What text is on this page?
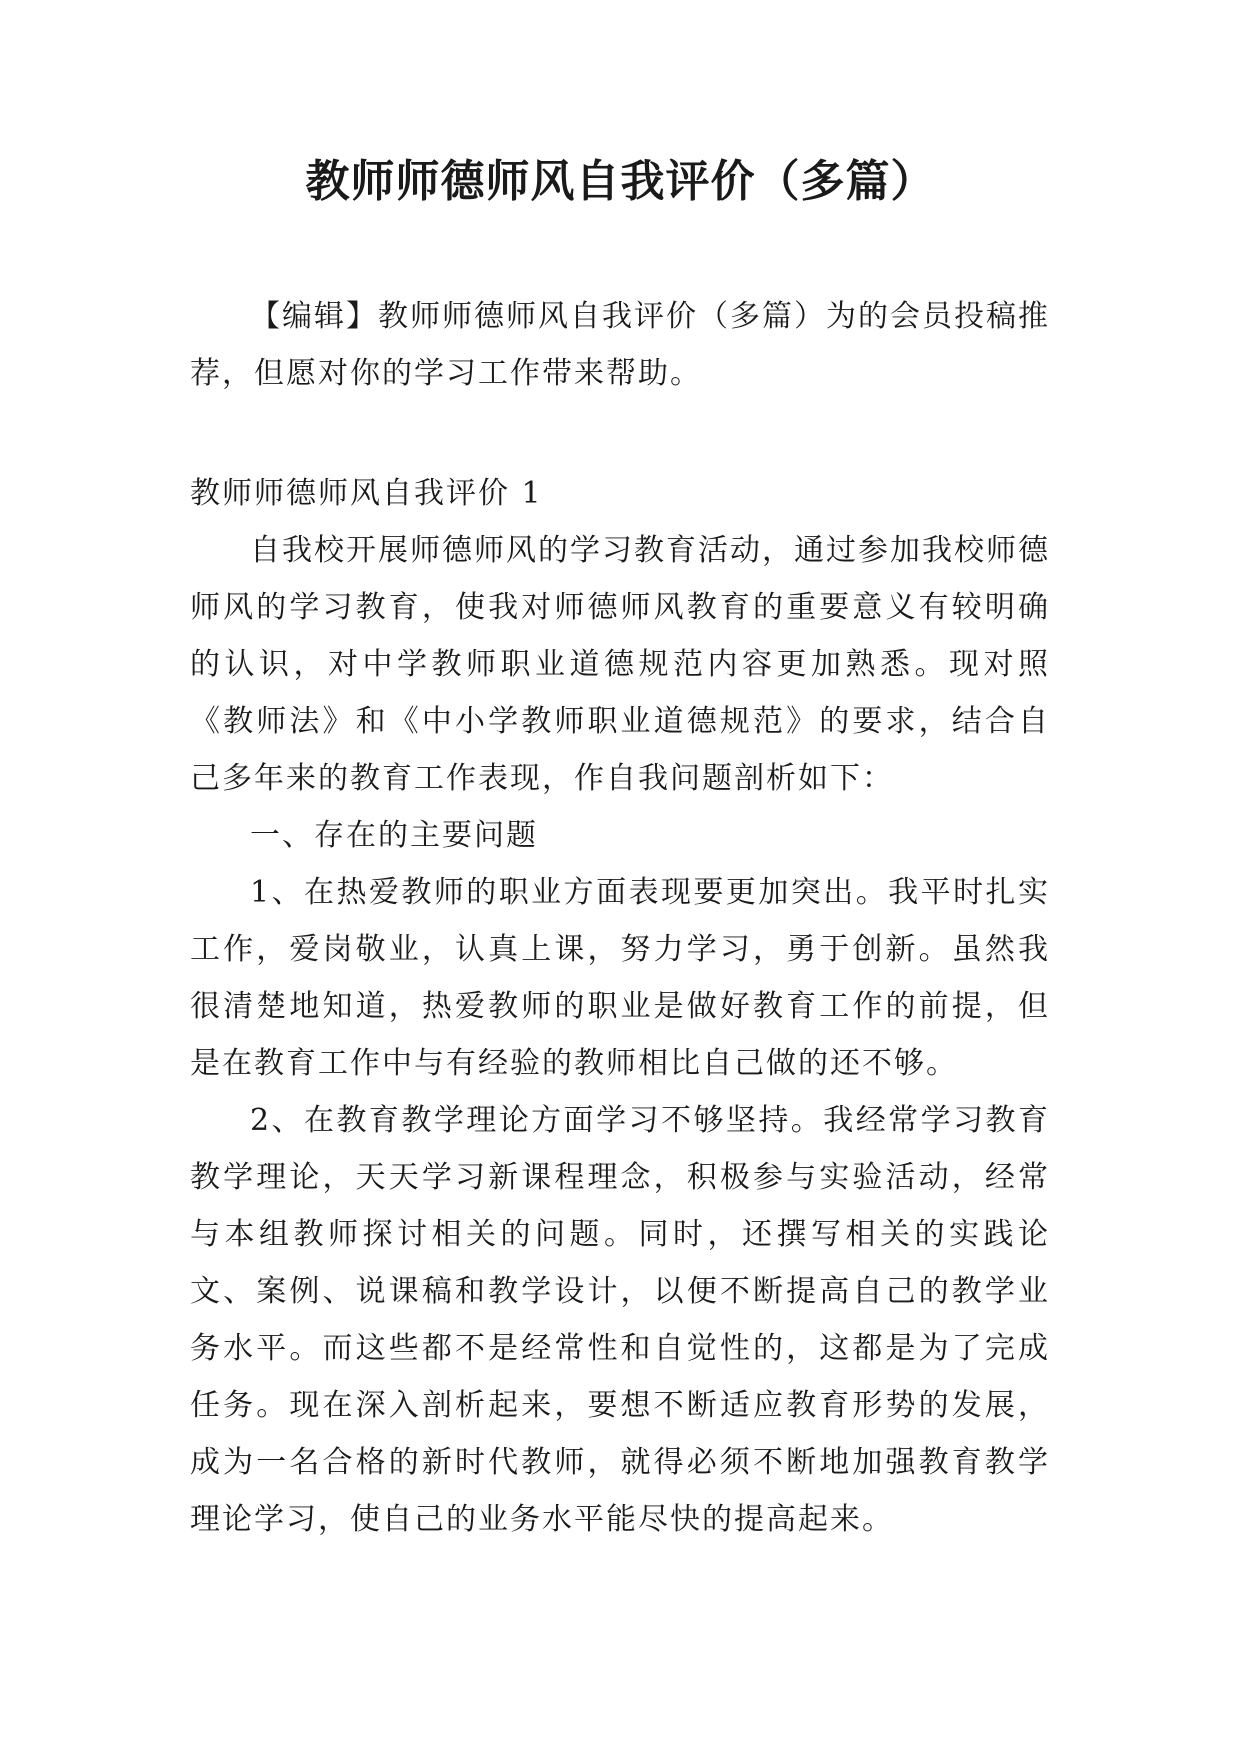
教师师德师风自我评价（多篇）

【编辑】教师师德师风自我评价（多篇）为的会员投稿推荐，但愿对你的学习工作带来帮助。

教师师德师风自我评价 1

自我校开展师德师风的学习教育活动，通过参加我校师德师风的学习教育，使我对师德师风教育的重要意义有较明确的认识，对中学教师职业道德规范内容更加熟悉。现对照《教师法》和《中小学教师职业道德规范》的要求，结合自己多年来的教育工作表现，作自我问题剖析如下：

一、存在的主要问题

1、在热爱教师的职业方面表现要更加突出。我平时扎实工作，爱岗敬业，认真上课，努力学习，勇于创新。虽然我很清楚地知道，热爱教师的职业是做好教育工作的前提，但是在教育工作中与有经验的教师相比自己做的还不够。

2、在教育教学理论方面学习不够坚持。我经常学习教育教学理论，天天学习新课程理念，积极参与实验活动，经常与本组教师探讨相关的问题。同时，还撰写相关的实践论文、案例、说课稿和教学设计，以便不断提高自己的教学业务水平。而这些都不是经常性和自觉性的，这都是为了完成任务。现在深入剖析起来，要想不断适应教育形势的发展，成为一名合格的新时代教师，就得必须不断地加强教育教学理论学习，使自己的业务水平能尽快的提高起来。
